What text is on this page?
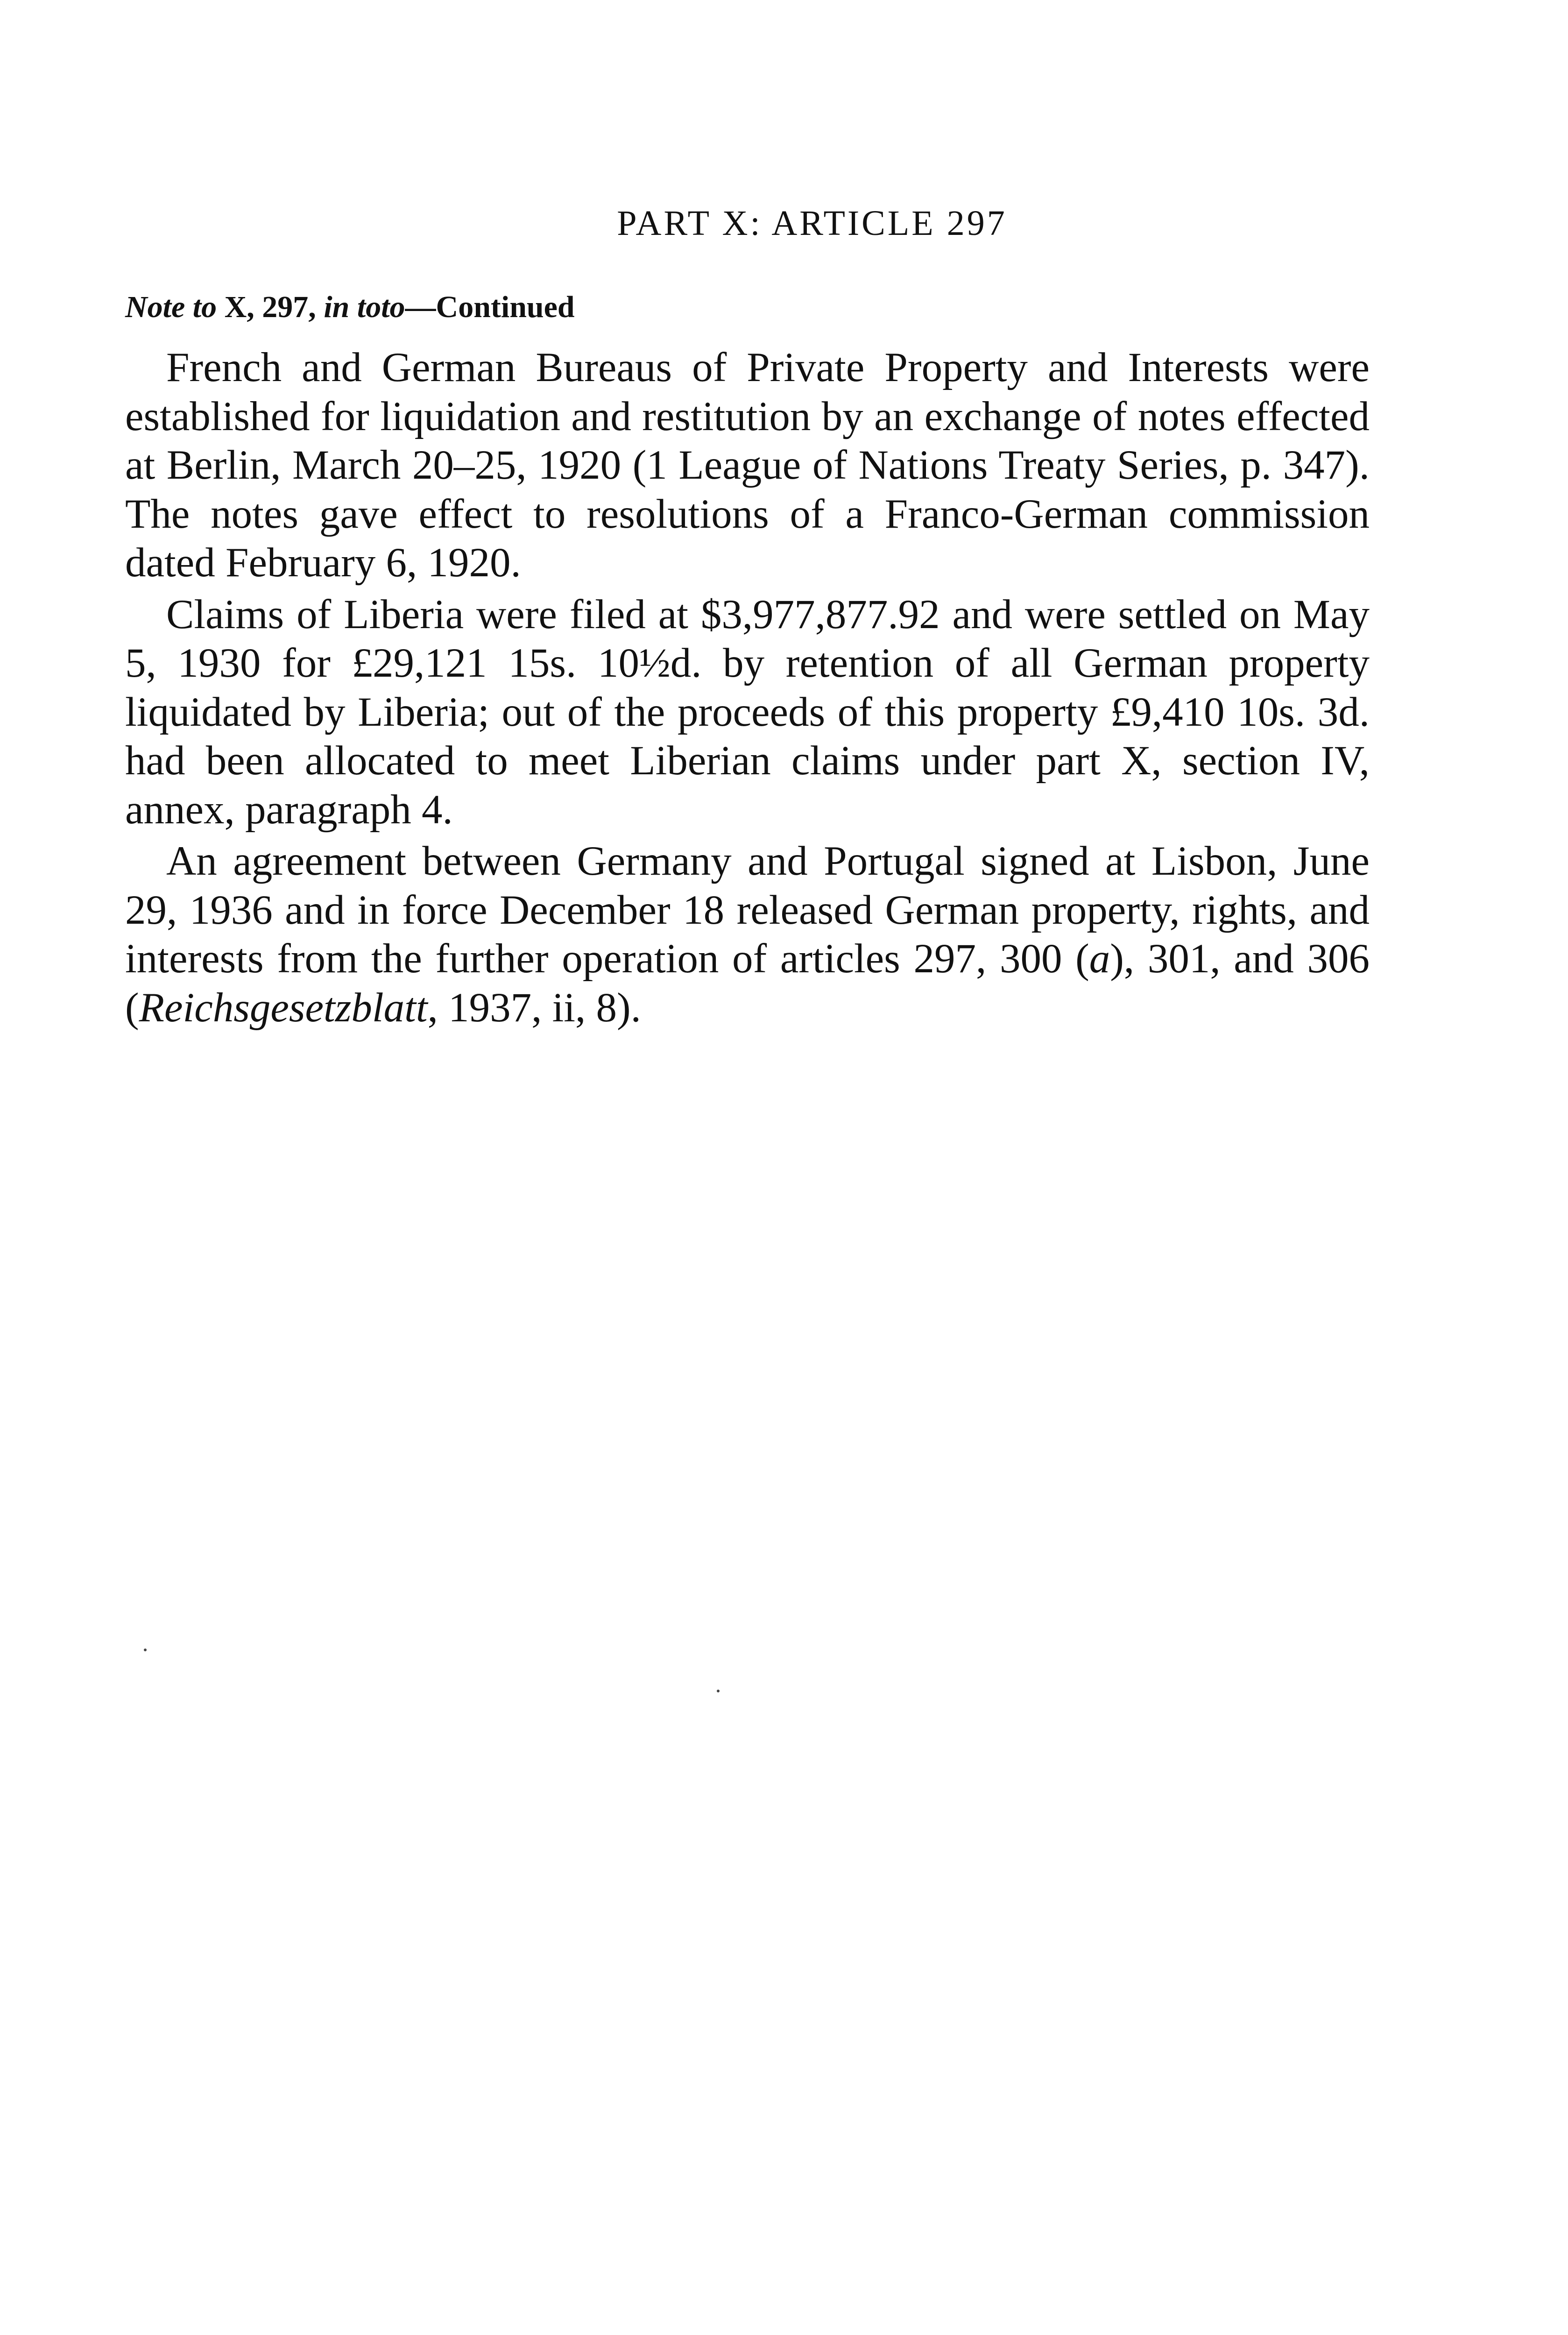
PART X: ARTICLE 297
Note to X, 297, in toto—Continued

French and German Bureaus of Private Property and Interests were established for liquidation and restitution by an exchange of notes effected at Berlin, March 20–25, 1920 (1 League of Nations Treaty Series, p. 347). The notes gave effect to resolutions of a Franco-German commission dated February 6, 1920.

Claims of Liberia were filed at $3,977,877.92 and were settled on May 5, 1930 for £29,121 15s. 10½d. by retention of all German property liquidated by Liberia; out of the proceeds of this property £9,410 10s. 3d. had been allocated to meet Liberian claims under part X, section IV, annex, paragraph 4.

An agreement between Germany and Portugal signed at Lisbon, June 29, 1936 and in force December 18 released German property, rights, and interests from the further operation of articles 297, 300 (a), 301, and 306 (Reichsgesetzblatt, 1937, ii, 8).
